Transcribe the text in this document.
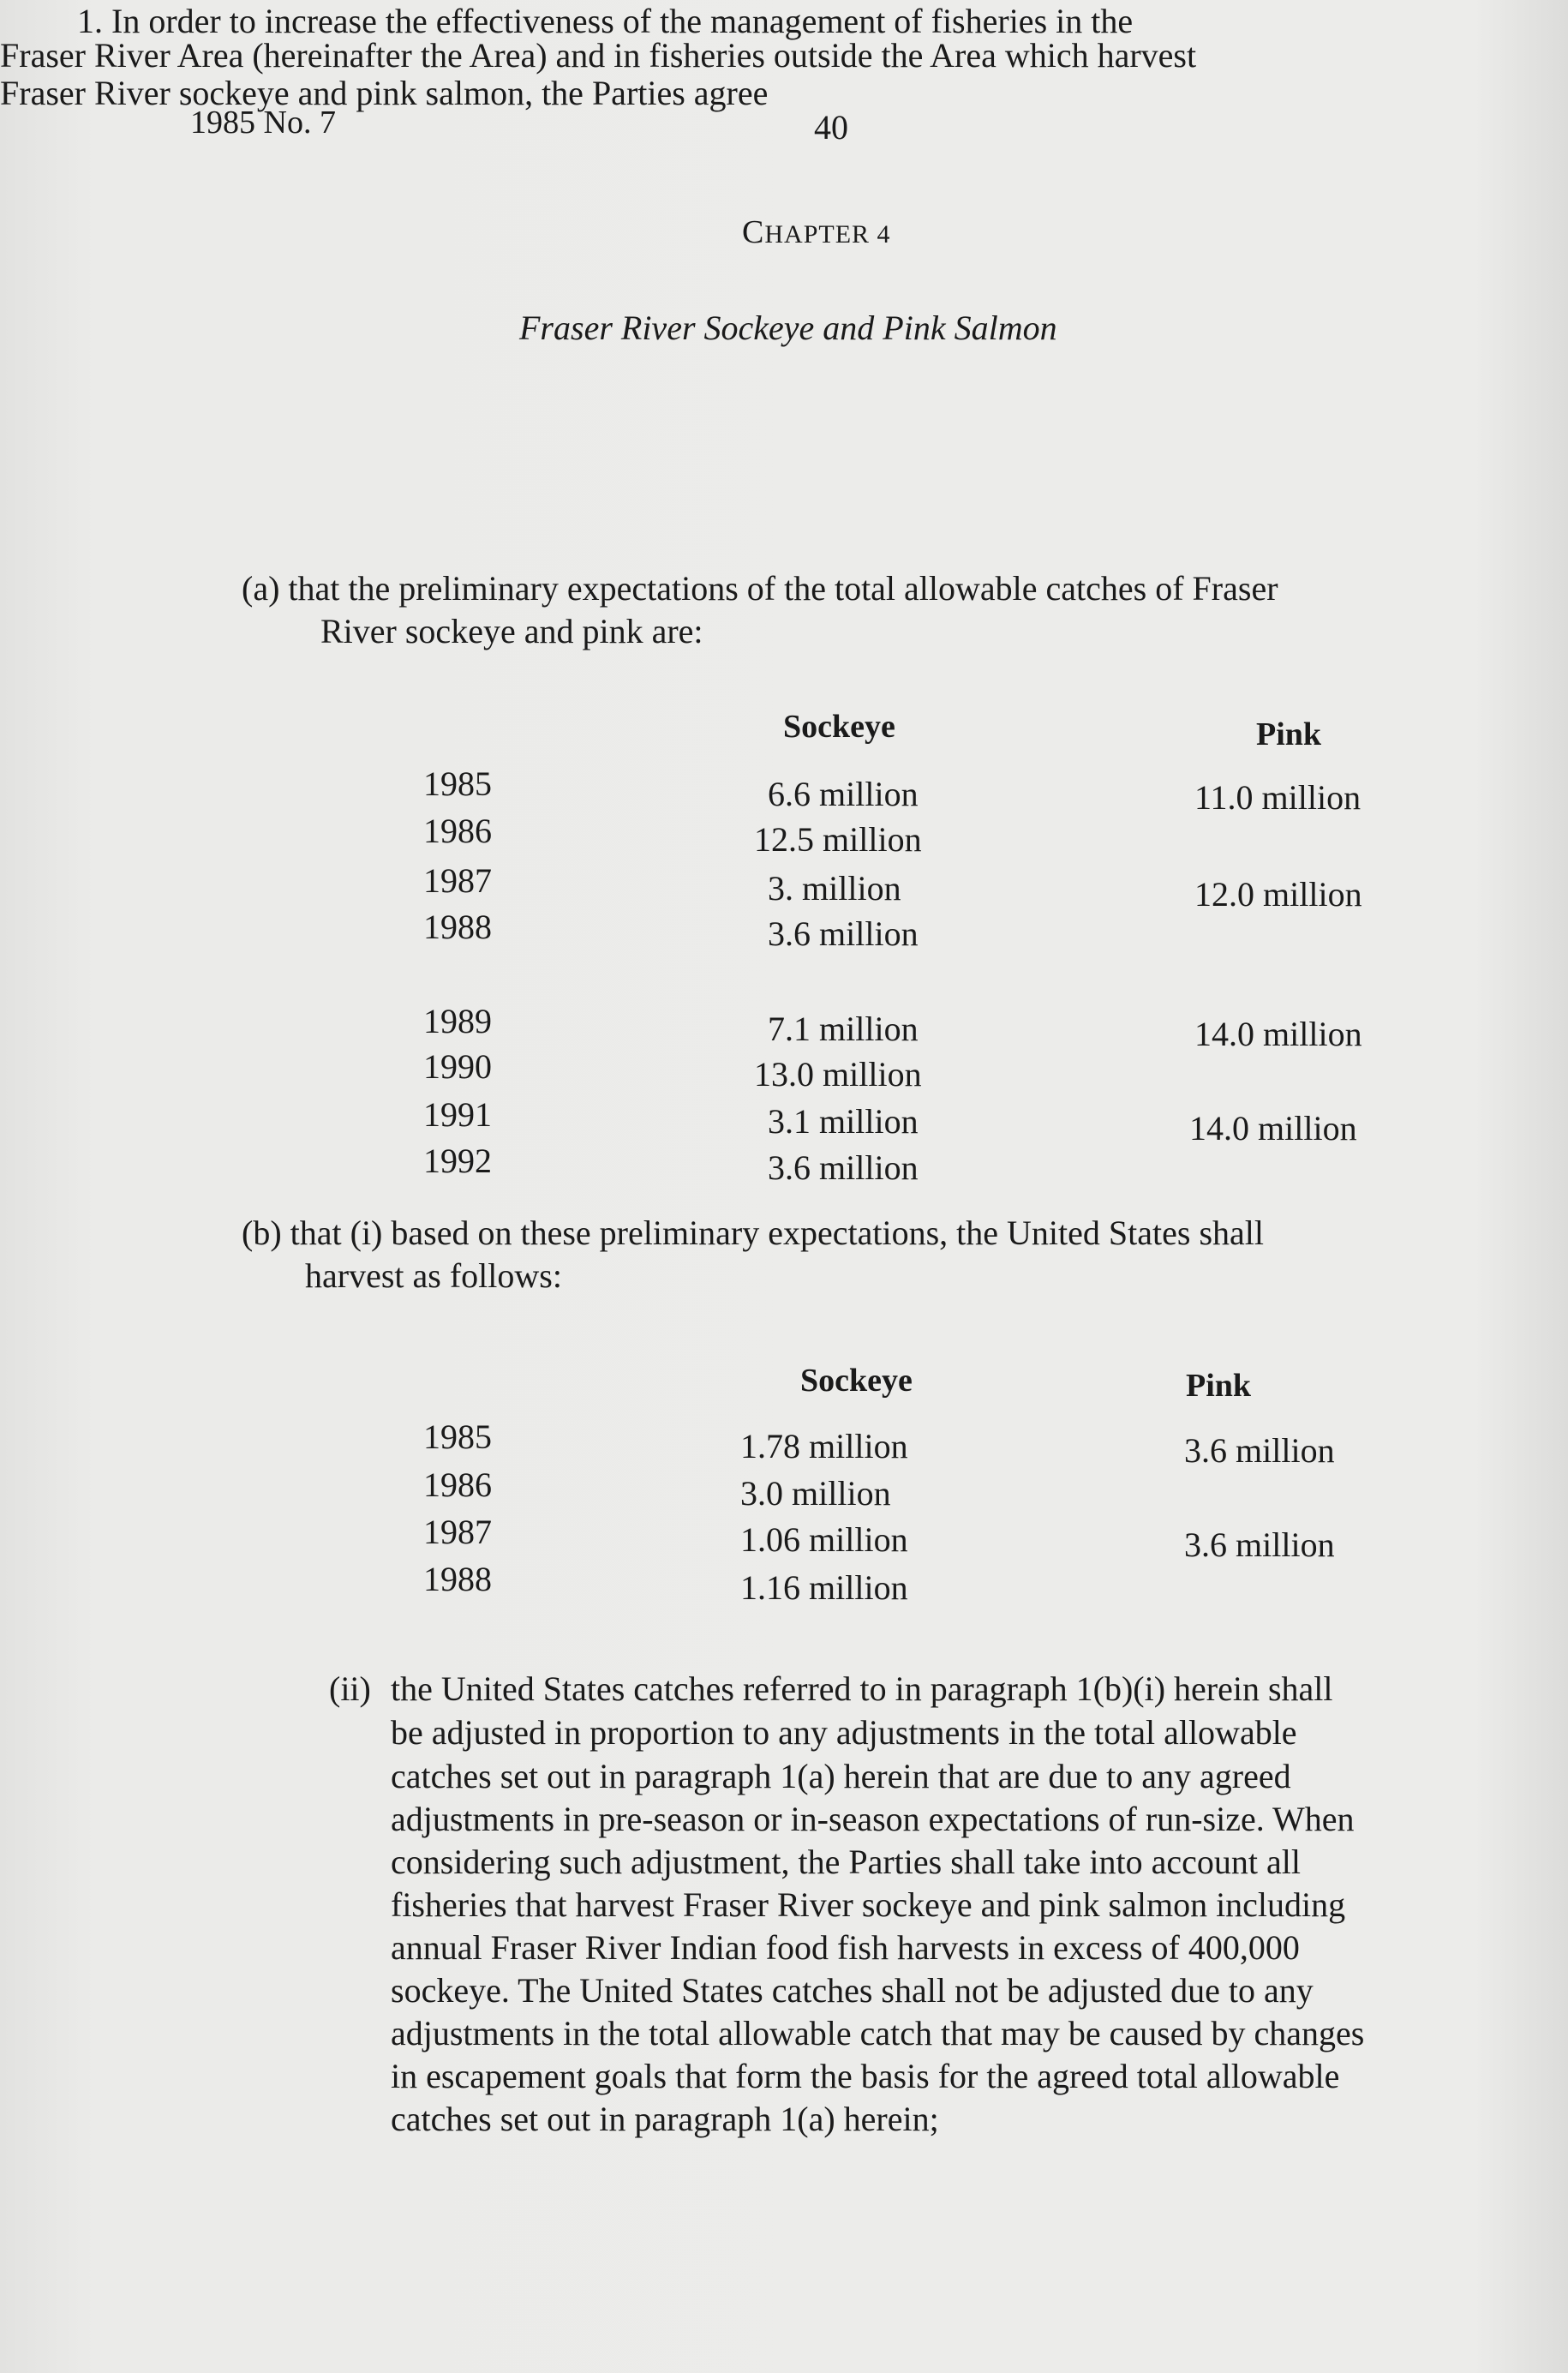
1985 No. 7	40
CHAPTER 4
Fraser River Sockeye and Pink Salmon
1. In order to increase the effectiveness of the management of fisheries in the
Fraser River Area (hereinafter the Area) and in fisheries outside the Area which harvest
Fraser River sockeye and pink salmon, the Parties agree
(a) that the preliminary expectations of the total allowable catches of Fraser
River sockeye and pink are:
Sockeye	Pink
1985	6.6 million	11.0 million
1986	12.5 million
1987	3. million	12.0 million
1988	3.6 million
1989	7.1 million	14.0 million
1990	13.0 million
1991	3.1 million	14.0 million
1992	3.6 million
(b) that (i) based on these preliminary expectations, the United States shall
harvest as follows:
Sockeye	Pink
1985	1.78 million	3.6 million
1986	3.0 million
1987	1.06 million	3.6 million
1988	1.16 million
(ii) the United States catches referred to in paragraph 1(b)(i) herein shall
be adjusted in proportion to any adjustments in the total allowable
catches set out in paragraph 1(a) herein that are due to any agreed
adjustments in pre-season or in-season expectations of run-size. When
considering such adjustment, the Parties shall take into account all
fisheries that harvest Fraser River sockeye and pink salmon including
annual Fraser River Indian food fish harvests in excess of 400,000
sockeye. The United States catches shall not be adjusted due to any
adjustments in the total allowable catch that may be caused by changes
in escapement goals that form the basis for the agreed total allowable
catches set out in paragraph 1(a) herein;
